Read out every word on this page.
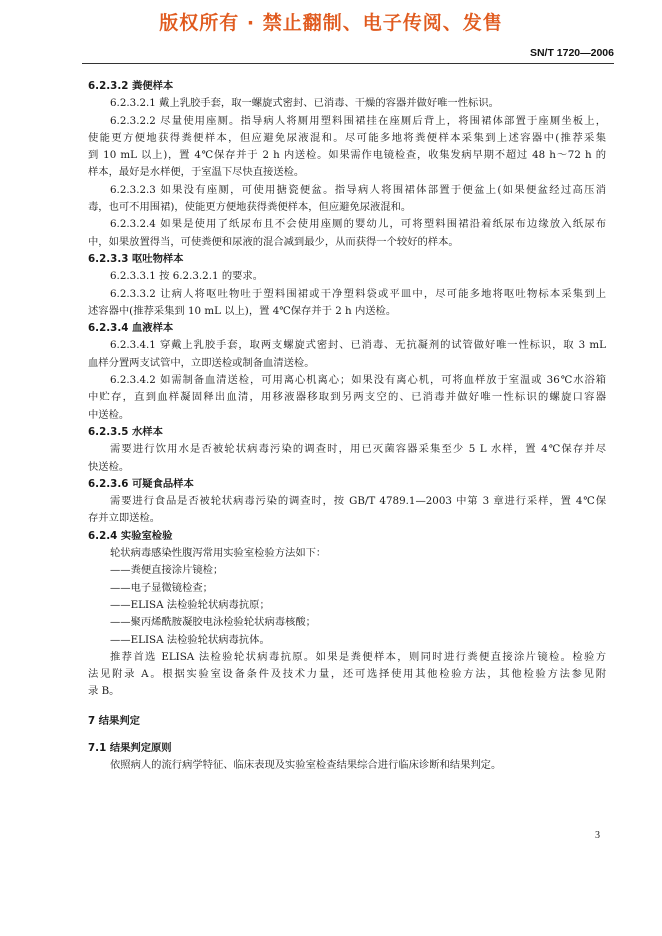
版权所有 · 禁止翻制、电子传阅、发售
SN/T 1720—2006
6.2.3.2 粪便样本
6.2.3.2.1 戴上乳胶手套，取一螺旋式密封、已消毒、干燥的容器并做好唯一性标识。
6.2.3.2.2 尽量使用座厕。指导病人将厕用塑料围裙挂在座厕后背上，将围裙体部置于座厕坐板上，
使能更方便地获得粪便样本，但应避免尿液混和。尽可能多地将粪便样本采集到上述容器中(推荐采集
到 10 mL 以上)，置 4℃保存并于 2 h 内送检。如果需作电镜检查，收集发病早期不超过 48 h～72 h 的
样本，最好是水样便，于室温下尽快直接送检。
6.2.3.2.3 如果没有座厕，可使用搪瓷便盆。指导病人将围裙体部置于便盆上(如果便盆经过高压消
毒，也可不用围裙)，使能更方便地获得粪便样本，但应避免尿液混和。
6.2.3.2.4 如果是使用了纸尿布且不会使用座厕的婴幼儿，可将塑料围裙沿着纸尿布边缘放入纸尿布
中，如果放置得当，可使粪便和尿液的混合减到最少，从而获得一个较好的样本。
6.2.3.3 呕吐物样本
6.2.3.3.1 按 6.2.3.2.1 的要求。
6.2.3.3.2 让病人将呕吐物吐于塑料围裙或干净塑料袋或平皿中，尽可能多地将呕吐物标本采集到上
述容器中(推荐采集到 10 mL 以上)，置 4℃保存并于 2 h 内送检。
6.2.3.4 血液样本
6.2.3.4.1 穿戴上乳胶手套，取两支螺旋式密封、已消毒、无抗凝剂的试管做好唯一性标识，取 3 mL
血样分置两支试管中，立即送检或制备血清送检。
6.2.3.4.2 如需制备血清送检，可用离心机离心；如果没有离心机，可将血样放于室温或 36℃水浴箱
中贮存，直到血样凝固释出血清，用移液器移取到另两支空的、已消毒并做好唯一性标识的螺旋口容器
中送检。
6.2.3.5 水样本
需要进行饮用水是否被轮状病毒污染的调查时，用已灭菌容器采集至少 5 L 水样，置 4℃保存并尽
快送检。
6.2.3.6 可疑食品样本
需要进行食品是否被轮状病毒污染的调查时，按 GB/T 4789.1—2003 中第 3 章进行采样，置 4℃保
存并立即送检。
6.2.4 实验室检验
轮状病毒感染性腹泻常用实验室检验方法如下：
——粪便直接涂片镜检；
——电子显微镜检查；
——ELISA 法检验轮状病毒抗原；
——聚丙烯酰胺凝胶电泳检验轮状病毒核酸；
——ELISA 法检验轮状病毒抗体。
推荐首选 ELISA 法检验轮状病毒抗原。如果是粪便样本，则同时进行粪便直接涂片镜检。检验方
法见附录 A。根据实验室设备条件及技术力量，还可选择使用其他检验方法，其他检验方法参见附
录 B。
7 结果判定
7.1 结果判定原则
依照病人的流行病学特征、临床表现及实验室检查结果综合进行临床诊断和结果判定。
3
